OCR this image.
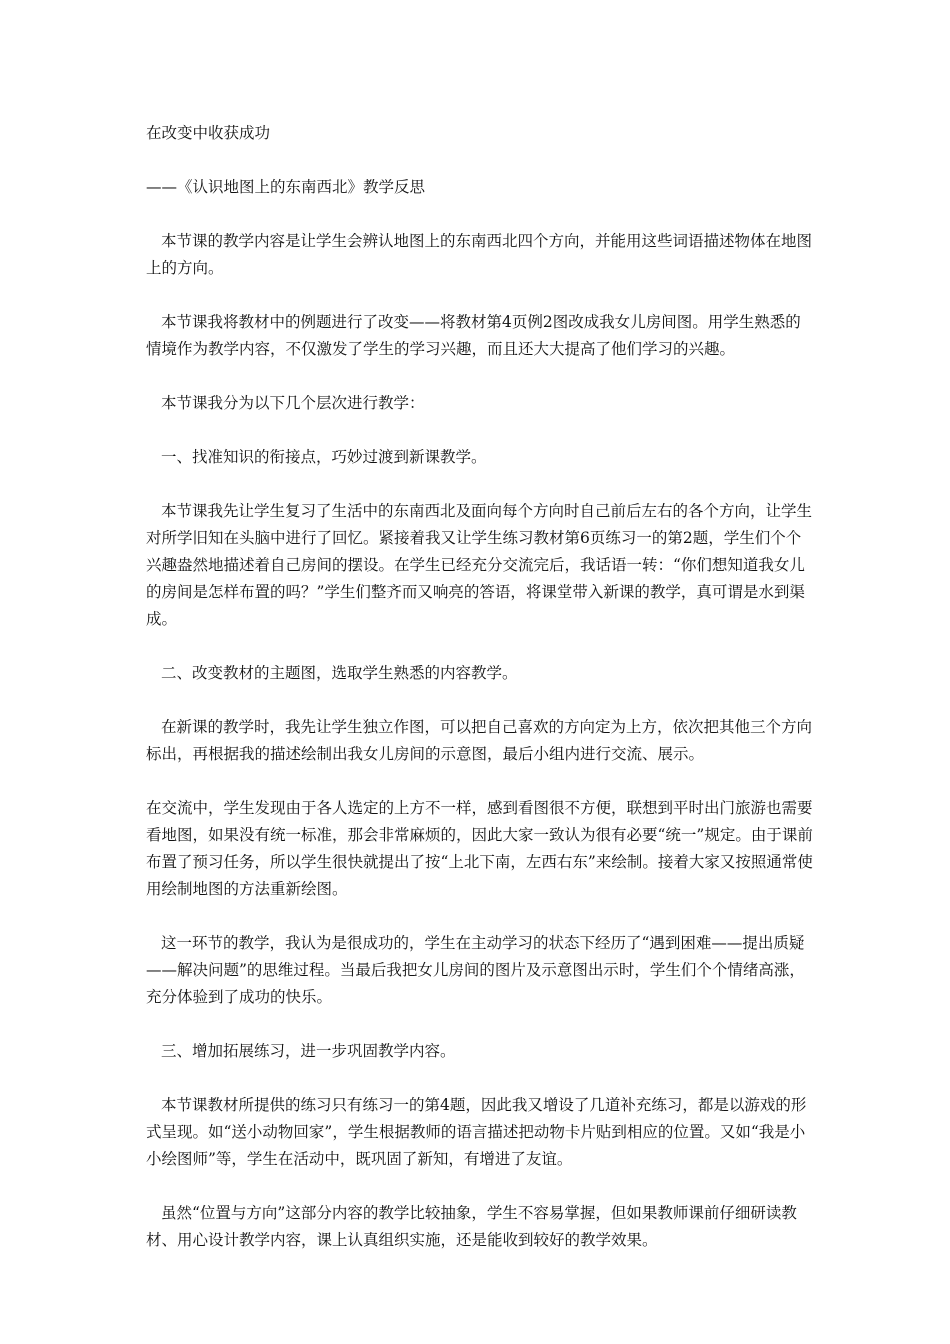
在改变中收获成功

——《认识地图上的东南西北》教学反思

本节课的教学内容是让学生会辨认地图上的东南西北四个方向，并能用这些词语描述物体在地图上的方向。

本节课我将教材中的例题进行了改变——将教材第4页例2图改成我女儿房间图。用学生熟悉的情境作为教学内容，不仅激发了学生的学习兴趣，而且还大大提高了他们学习的兴趣。

本节课我分为以下几个层次进行教学：

一、找准知识的衔接点，巧妙过渡到新课教学。

本节课我先让学生复习了生活中的东南西北及面向每个方向时自己前后左右的各个方向，让学生对所学旧知在头脑中进行了回忆。紧接着我又让学生练习教材第6页练习一的第2题，学生们个个兴趣盎然地描述着自己房间的摆设。在学生已经充分交流完后，我话语一转：“你们想知道我女儿的房间是怎样布置的吗？”学生们整齐而又响亮的答语，将课堂带入新课的教学，真可谓是水到渠成。

二、改变教材的主题图，选取学生熟悉的内容教学。

在新课的教学时，我先让学生独立作图，可以把自己喜欢的方向定为上方，依次把其他三个方向标出，再根据我的描述绘制出我女儿房间的示意图，最后小组内进行交流、展示。

在交流中，学生发现由于各人选定的上方不一样，感到看图很不方便，联想到平时出门旅游也需要看地图，如果没有统一标准，那会非常麻烦的，因此大家一致认为很有必要“统一”规定。由于课前布置了预习任务，所以学生很快就提出了按“上北下南，左西右东”来绘制。接着大家又按照通常使用绘制地图的方法重新绘图。

这一环节的教学，我认为是很成功的，学生在主动学习的状态下经历了“遇到困难——提出质疑——解决问题”的思维过程。当最后我把女儿房间的图片及示意图出示时，学生们个个情绪高涨，充分体验到了成功的快乐。

三、增加拓展练习，进一步巩固教学内容。

本节课教材所提供的练习只有练习一的第4题，因此我又增设了几道补充练习，都是以游戏的形式呈现。如“送小动物回家”，学生根据教师的语言描述把动物卡片贴到相应的位置。又如“我是小小绘图师”等，学生在活动中，既巩固了新知，有增进了友谊。

虽然“位置与方向”这部分内容的教学比较抽象，学生不容易掌握，但如果教师课前仔细研读教材、用心设计教学内容，课上认真组织实施，还是能收到较好的教学效果。
